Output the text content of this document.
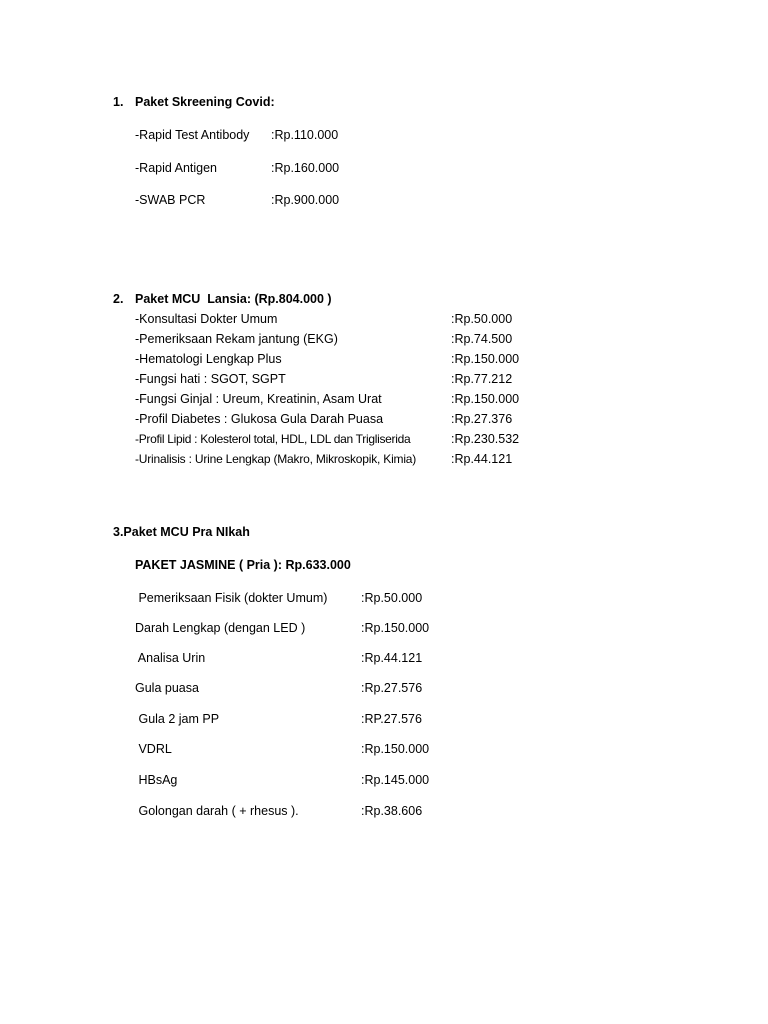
1. Paket Skreening Covid:
-Rapid Test Antibody :Rp.110.000
-Rapid Antigen	:Rp.160.000
-SWAB PCR	:Rp.900.000
2. Paket MCU  Lansia: (Rp.804.000 )
-Konsultasi Dokter Umum	:Rp.50.000
-Pemeriksaan Rekam jantung (EKG)	:Rp.74.500
-Hematologi Lengkap Plus	:Rp.150.000
-Fungsi hati : SGOT, SGPT	:Rp.77.212
-Fungsi Ginjal : Ureum, Kreatinin, Asam Urat	:Rp.150.000
-Profil Diabetes : Glukosa Gula Darah Puasa	:Rp.27.376
-Profil Lipid : Kolesterol total, HDL, LDL dan Trigliserida	:Rp.230.532
-Urinalisis : Urine Lengkap (Makro, Mikroskopik, Kimia)	:Rp.44.121
3.Paket MCU Pra NIkah
PAKET JASMINE ( Pria ): Rp.633.000
Pemeriksaan Fisik (dokter Umum)	:Rp.50.000
Darah Lengkap (dengan LED )	:Rp.150.000
Analisa Urin	:Rp.44.121
Gula puasa	:Rp.27.576
Gula 2 jam PP	:RP.27.576
VDRL	:Rp.150.000
HBsAg	:Rp.145.000
Golongan darah ( + rhesus ).	:Rp.38.606
